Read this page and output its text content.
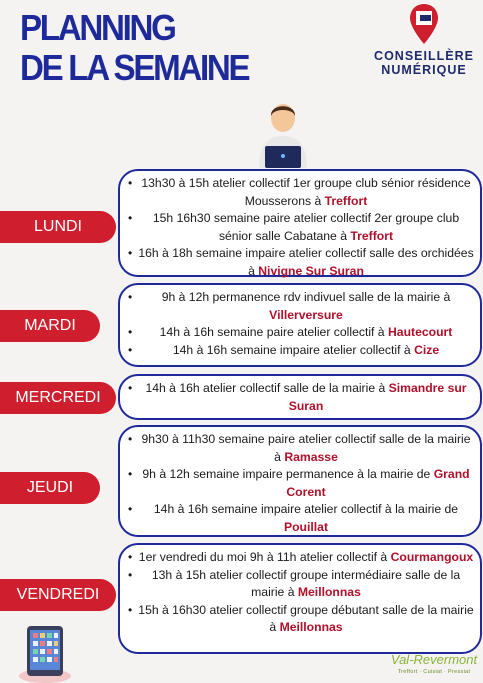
PLANNING
DE LA SEMAINE	CONSEILLÈRE
NUMÉRIQUE
LUNDI
• 13h30 à 15h atelier collectif 1er groupe club sénior résidence Mousserons à Treffort
• 15h 16h30 semaine paire atelier collectif 2er groupe club sénior salle Cabatane à Treffort
• 16h à 18h semaine impaire atelier collectif salle des orchidées à Nivigne Sur Suran
MARDI
• 9h à 12h permanence rdv indivuel salle de la mairie à Villerversure
• 14h à 16h semaine paire atelier collectif à Hautecourt
• 14h à 16h semaine impaire atelier collectif à Cize
MERCREDI
• 14h à 16h atelier collectif salle de la mairie à Simandre sur Suran
JEUDI
• 9h30 à 11h30 semaine paire atelier collectif salle de la mairie à Ramasse
• 9h à 12h semaine impaire permanence à la mairie de Grand Corent
• 14h à 16h semaine impaire atelier collectif à la mairie de Pouillat
VENDREDI
• 1er vendredi du moi 9h à 11h atelier collectif à Courmangoux
• 13h à 15h atelier collectif groupe intermédiaire salle de la mairie à Meillonnas
• 15h à 16h30 atelier collectif groupe débutant salle de la mairie à Meillonnas
Val-Revermont
Treffort · Cuisiat · Pressiat
